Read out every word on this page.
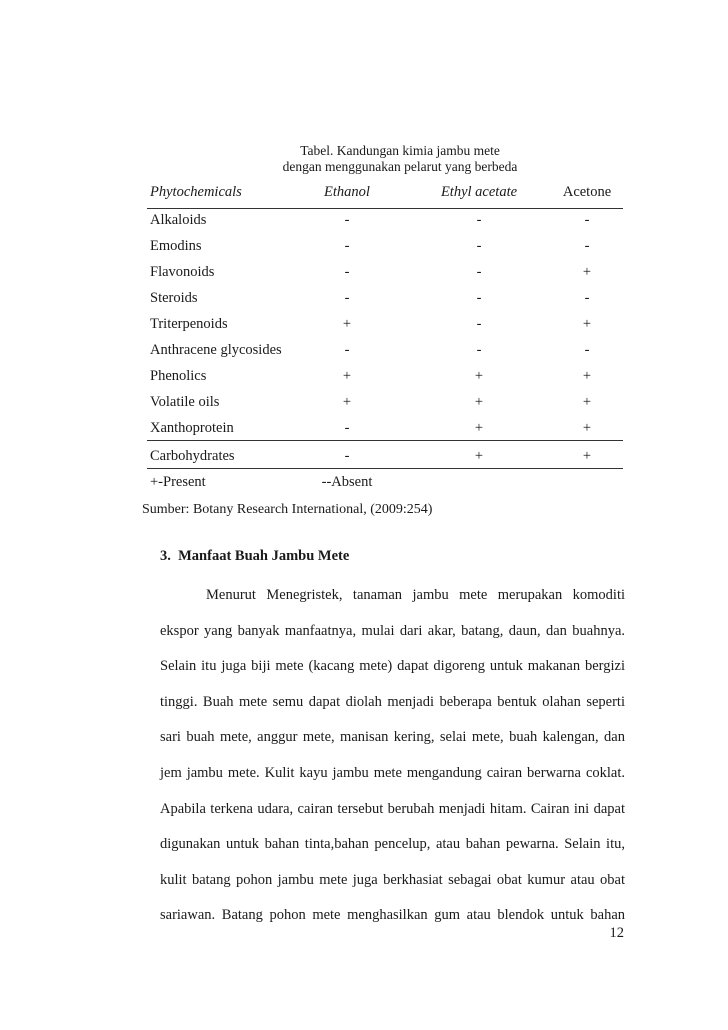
Tabel. Kandungan kimia jambu mete
dengan menggunakan pelarut yang berbeda
Phytochemicals	Ethanol	Ethyl acetate	Acetone
Alkaloids	-	-	-
Emodins	-	-	-
Flavonoids	-	-	+
Steroids	-	-	-
Triterpenoids	+	-	+
Anthracene glycosides	-	-	-
Phenolics	+	+	+
Volatile oils	+	+	+
Xanthoprotein	-	+	+
Carbohydrates	-	+	+
+-Present	--Absent
Sumber: Botany Research International, (2009:254)
3.  Manfaat Buah Jambu Mete
Menurut Menegristek, tanaman jambu mete merupakan komoditi
ekspor yang banyak manfaatnya, mulai dari akar, batang, daun, dan buahnya.
Selain itu juga biji mete (kacang mete) dapat digoreng untuk makanan bergizi
tinggi. Buah mete semu dapat diolah menjadi beberapa bentuk olahan seperti
sari buah mete, anggur mete, manisan kering, selai mete, buah kalengan, dan
jem jambu mete. Kulit kayu jambu mete mengandung cairan berwarna coklat.
Apabila terkena udara, cairan tersebut berubah menjadi hitam. Cairan ini dapat
digunakan untuk bahan tinta,bahan pencelup, atau bahan pewarna. Selain itu,
kulit batang pohon jambu mete juga berkhasiat sebagai obat kumur atau obat
sariawan. Batang pohon mete menghasilkan gum atau blendok untuk bahan
12
